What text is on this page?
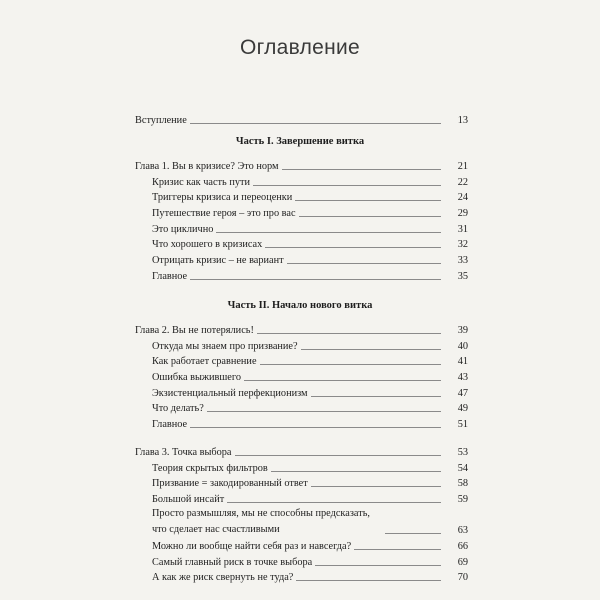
Оглавление
Вступление	13
Часть I. Завершение витка
Глава 1. Вы в кризисе? Это норм	21
Кризис как часть пути	22
Триггеры кризиса и переоценки	24
Путешествие героя – это про вас	29
Это циклично	31
Что хорошего в кризисах	32
Отрицать кризис – не вариант	33
Главное	35
Часть II. Начало нового витка
Глава 2. Вы не потерялись!	39
Откуда мы знаем про призвание?	40
Как работает сравнение	41
Ошибка выжившего	43
Экзистенциальный перфекционизм	47
Что делать?	49
Главное	51
Глава 3. Точка выбора	53
Теория скрытых фильтров	54
Призвание = закодированный ответ	58
Большой инсайт	59
Просто размышляя, мы не способны предсказать, что сделает нас счастливыми	63
Можно ли вообще найти себя раз и навсегда?	66
Самый главный риск в точке выбора	69
А как же риск свернуть не туда?	70
